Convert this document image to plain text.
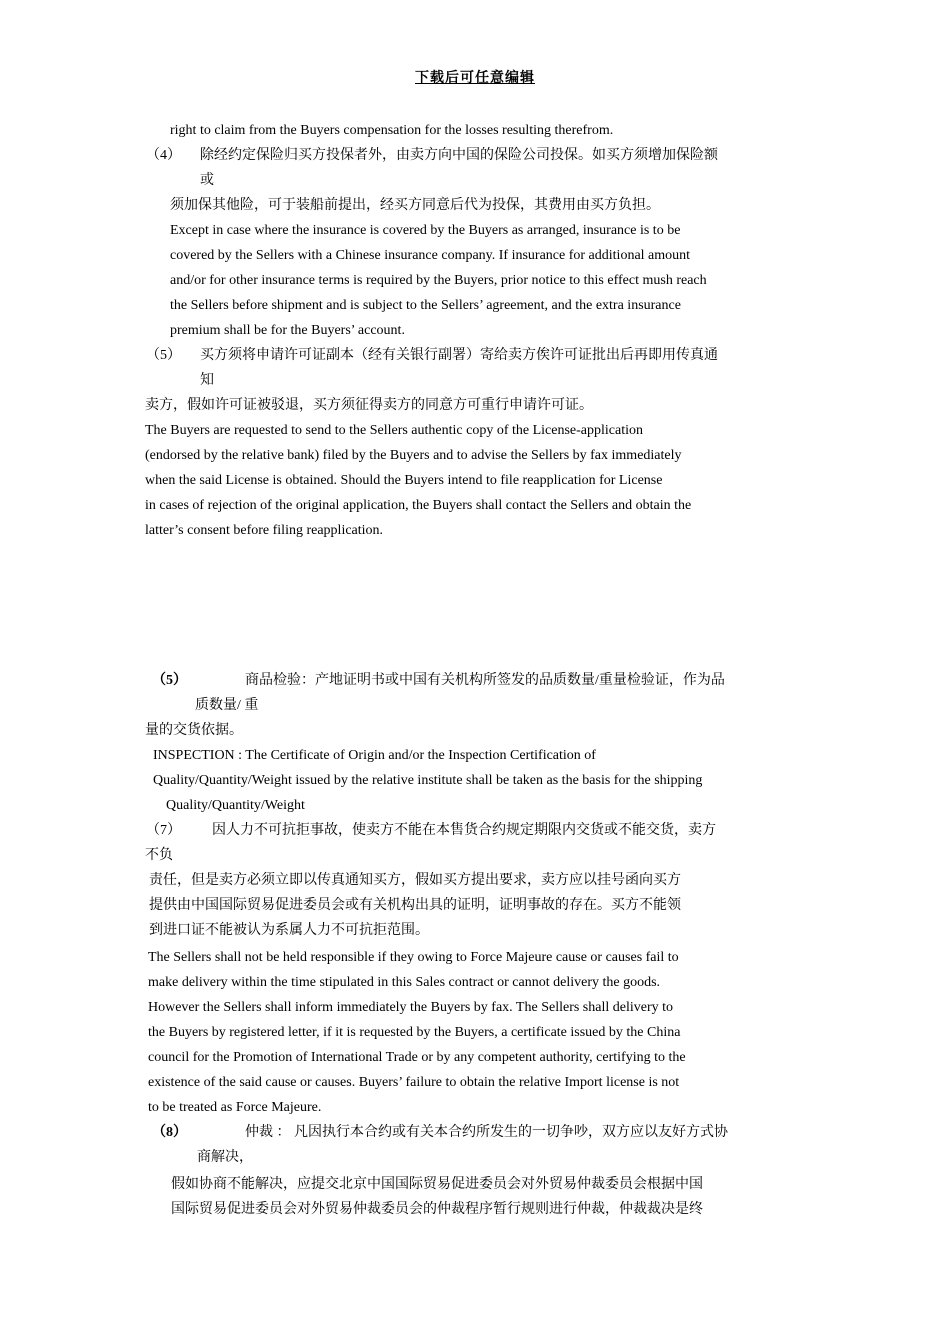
下载后可任意编辑
right to claim from the Buyers compensation for the losses resulting therefrom.
（4） 除经约定保险归买方投保者外，由卖方向中国的保险公司投保。如买方须增加保险额
或
须加保其他险，可于装船前提出，经买方同意后代为投保，其费用由买方负担。
Except in case where the insurance is covered by the Buyers as arranged, insurance is to be
covered by the Sellers with a Chinese insurance company. If insurance for additional amount
and/or for other insurance terms is required by the Buyers, prior notice to this effect mush reach
the Sellers before shipment and is subject to the Sellers’ agreement, and the extra insurance
premium shall be for the Buyers’ account.
（5） 买方须将申请许可证副本（经有关银行副署）寄给卖方俟许可证批出后再即用传真通
知
卖方，假如许可证被驳退，买方须征得卖方的同意方可重行申请许可证。
The Buyers are requested to send to the Sellers authentic copy of the License-application
(endorsed by the relative bank) filed by the Buyers and to advise the Sellers by fax immediately
when the said License is obtained. Should the Buyers intend to file reapplication for License
in cases of rejection of the original application, the Buyers shall contact the Sellers and obtain the
latter’s consent before filing reapplication.
（5）	商品检验：产地证明书或中国有关机构所签发的品质数量/重量检验证，作为品
质数量/ 重
量的交货依据。
INSPECTION : The Certificate of Origin and/or the Inspection Certification of
Quality/Quantity/Weight issued by the relative institute shall be taken as the basis for the shipping
Quality/Quantity/Weight
（7） 因人力不可抗拒事故，使卖方不能在本售货合约规定期限内交货或不能交货，卖方
不负
责任，但是卖方必须立即以传真通知买方，假如买方提出要求，卖方应以挂号函向买方
提供由中国国际贸易促进委员会或有关机构出具的证明，证明事故的存在。买方不能领
到进口证不能被认为系属人力不可抗拒范围。
The Sellers shall not be held responsible if they owing to Force Majeure cause or causes fail to
make delivery within the time stipulated in this Sales contract or cannot delivery the goods.
However the Sellers shall inform immediately the Buyers by fax. The Sellers shall delivery to
the Buyers by registered letter, if it is requested by the Buyers, a certificate issued by the China
council for the Promotion of International Trade or by any competent authority, certifying to the
existence of the said cause or causes. Buyers’ failure to obtain the relative Import license is not
to be treated as Force Majeure.
（8）	仲裁 ： 凡因执行本合约或有关本合约所发生的一切争吵，双方应以友好方式协
商解决，
假如协商不能解决，应提交北京中国国际贸易促进委员会对外贸易仲裁委员会根据中国
国际贸易促进委员会对外贸易仲裁委员会的仲裁程序暂行规则进行仲裁，仲裁裁决是终
